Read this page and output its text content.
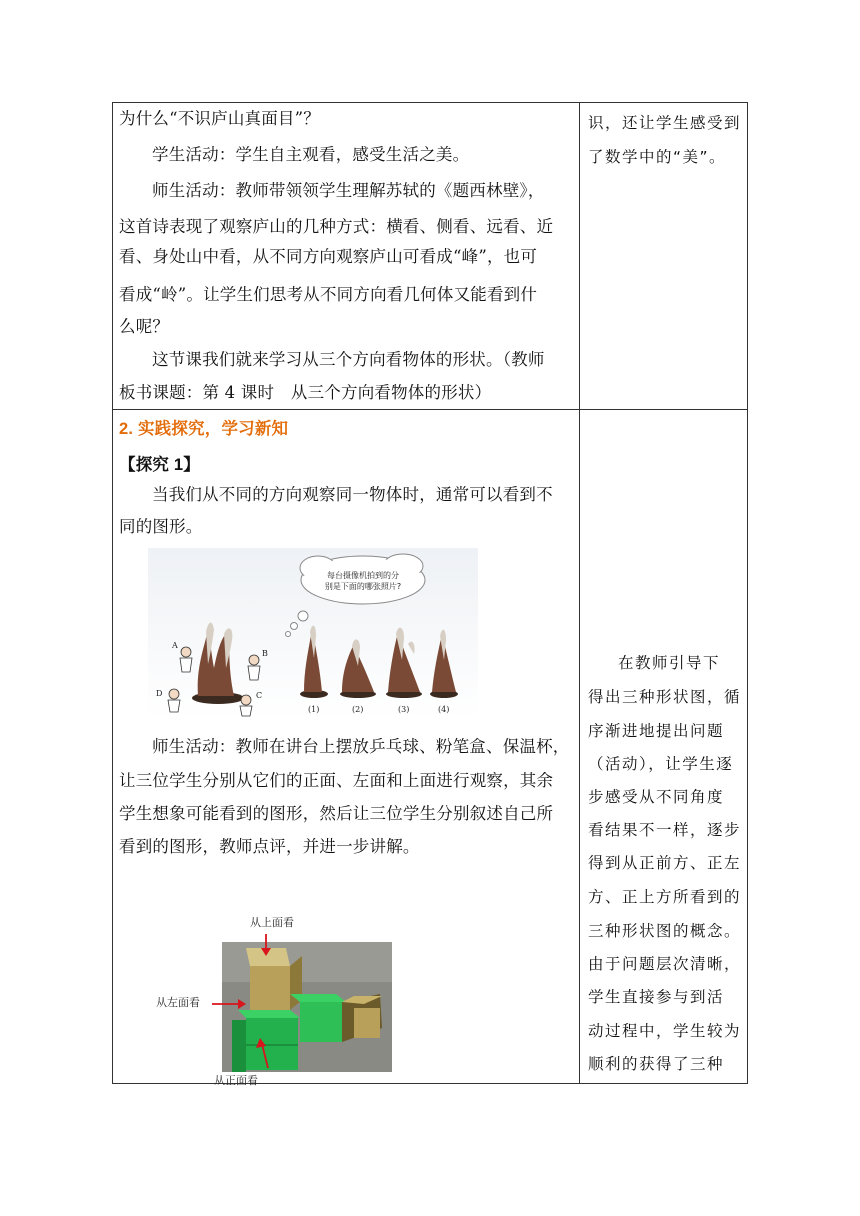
为什么“不识庐山真面目”？
学生活动：学生自主观看，感受生活之美。
师生活动：教师带领领学生理解苏轼的《题西林壁》，
这首诗表现了观察庐山的几种方式：横看、侧看、远看、近
看、身处山中看，从不同方向观察庐山可看成“峰”，也可
看成“岭”。让学生们思考从不同方向看几何体又能看到什
么呢？
这节课我们就来学习从三个方向看物体的形状。（教师
板书课题：第 4 课时　从三个方向看物体的形状）
识，还让学生感受到
了数学中的“美”。
2. 实践探究，学习新知
【探究 1】
当我们从不同的方向观察同一物体时，通常可以看到不
同的图形。
每台摄像机拍到的分
别是下面的哪张照片?
A
B
C
D
(1)	(2)	(3)	(4)
师生活动：教师在讲台上摆放乒乓球、粉笔盒、保温杯，
让三位学生分别从它们的正面、左面和上面进行观察，其余
学生想象可能看到的图形，然后让三位学生分别叙述自己所
看到的图形，教师点评，并进一步讲解。
从上面看
从左面看
从正面看
在教师引导下
得出三种形状图，循
序渐进地提出问题
（活动），让学生逐
步感受从不同角度
看结果不一样，逐步
得到从正前方、正左
方、正上方所看到的
三种形状图的概念。
由于问题层次清晰，
学生直接参与到活
动过程中，学生较为
顺利的获得了三种
